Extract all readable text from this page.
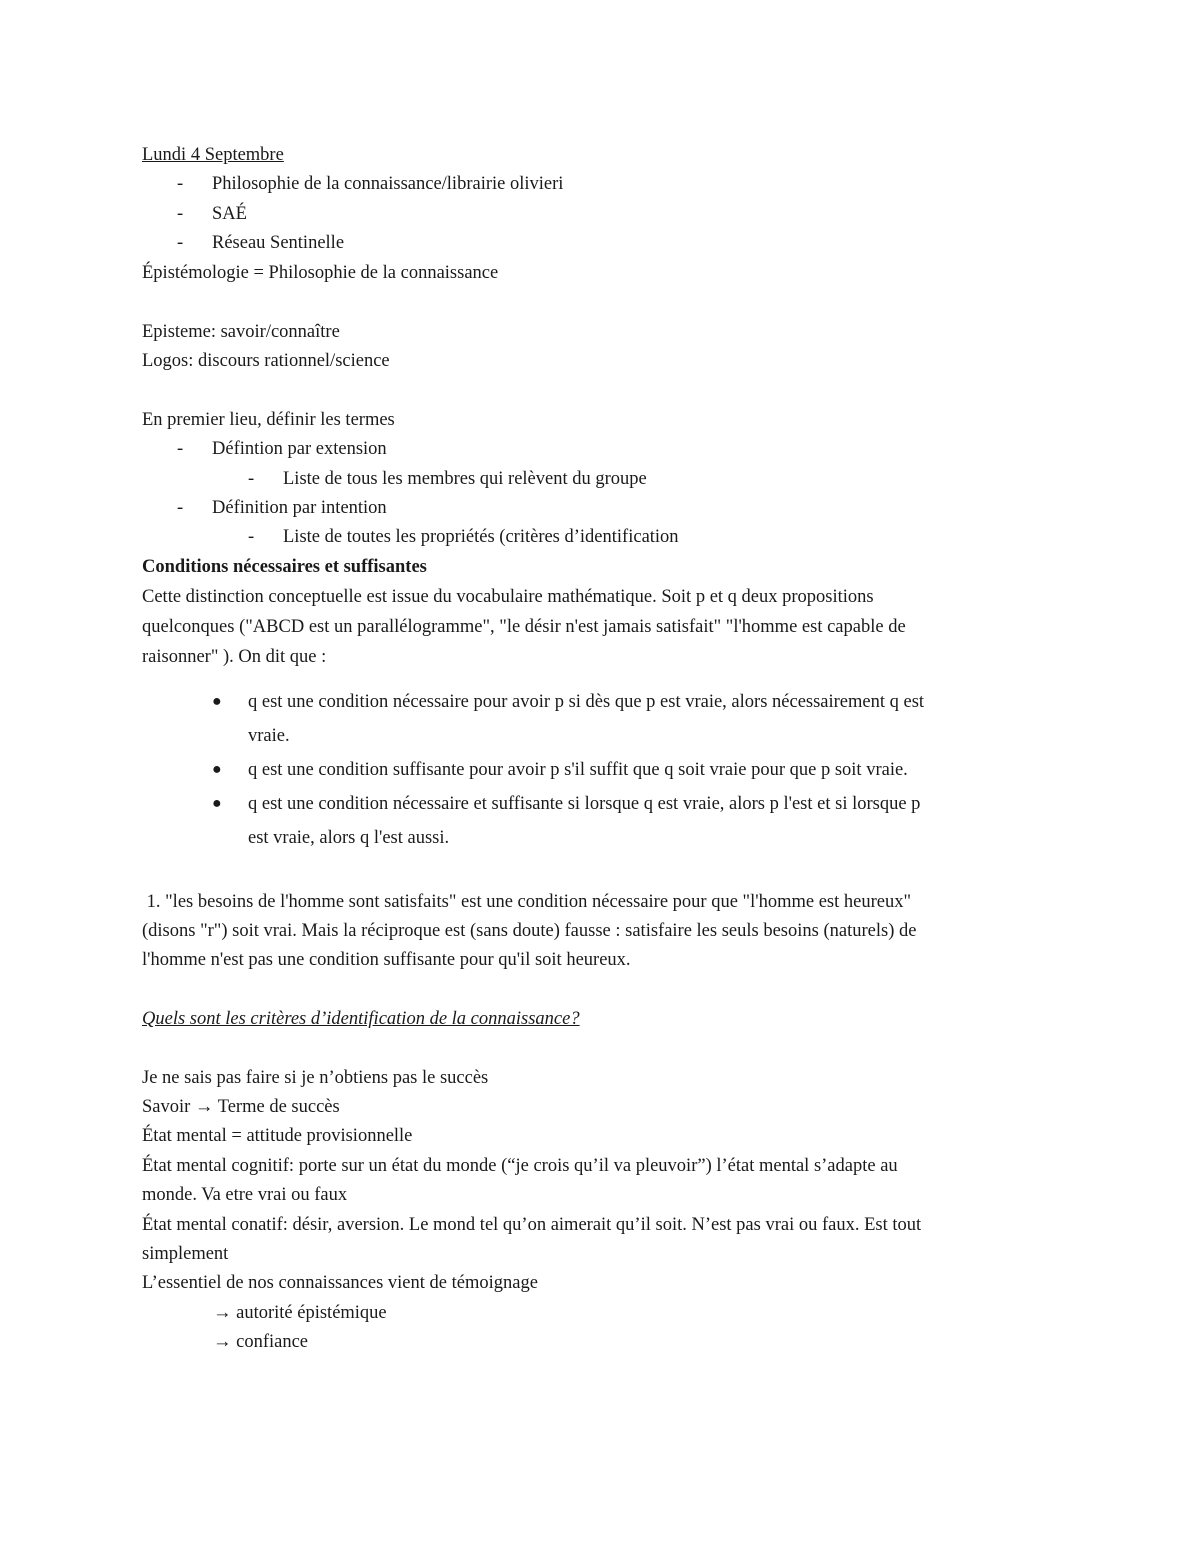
Lundi 4 Septembre
- Philosophie de la connaissance/librairie olivieri
- SAÉ
- Réseau Sentinelle
Épistémologie = Philosophie de la connaissance
Episteme: savoir/connaître
Logos: discours rationnel/science
En premier lieu, définir les termes
- Défintion par extension
- Liste de tous les membres qui relèvent du groupe
- Définition par intention
- Liste de toutes les propriétés (critères d’identification
Conditions nécessaires et suffisantes
Cette distinction conceptuelle est issue du vocabulaire mathématique. Soit p et q deux propositions
quelconques ("ABCD est un parallélogramme", "le désir n'est jamais satisfait" "l'homme est capable de
raisonner" ). On dit que :
● q est une condition nécessaire pour avoir p si dès que p est vraie, alors nécessairement q est
vraie.
● q est une condition suffisante pour avoir p s'il suffit que q soit vraie pour que p soit vraie.
● q est une condition nécessaire et suffisante si lorsque q est vraie, alors p l'est et si lorsque p
est vraie, alors q l'est aussi.
1. "les besoins de l'homme sont satisfaits" est une condition nécessaire pour que "l'homme est heureux"
(disons "r") soit vrai. Mais la réciproque est (sans doute) fausse : satisfaire les seuls besoins (naturels) de
l'homme n'est pas une condition suffisante pour qu'il soit heureux.
Quels sont les critères d’identification de la connaissance?
Je ne sais pas faire si je n’obtiens pas le succès
Savoir → Terme de succès
État mental = attitude provisionnelle
État mental cognitif: porte sur un état du monde (“je crois qu’il va pleuvoir”) l’état mental s’adapte au
monde. Va etre vrai ou faux
État mental conatif: désir, aversion. Le mond tel qu’on aimerait qu’il soit. N’est pas vrai ou faux. Est tout
simplement
L’essentiel de nos connaissances vient de témoignage
→ autorité épistémique
→ confiance
